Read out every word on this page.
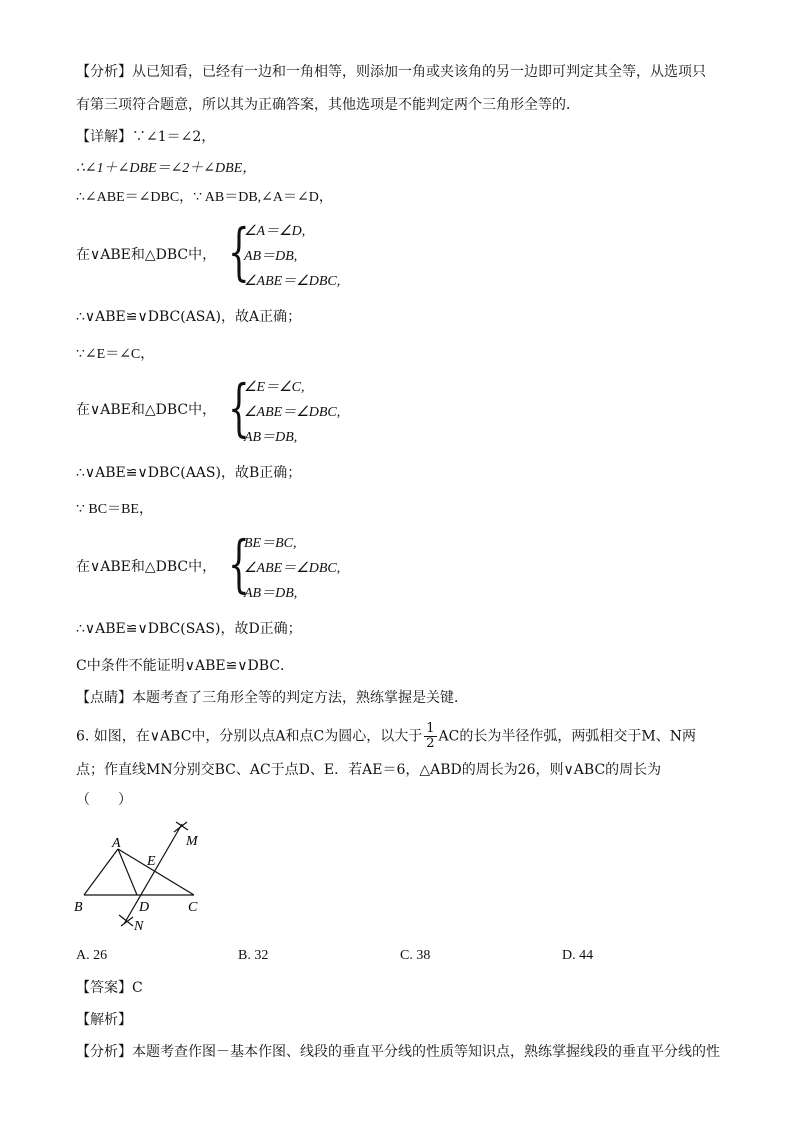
【分析】从已知看，已经有一边和一角相等，则添加一角或夹该角的另一边即可判定其全等，从选项只
有第三项符合题意，所以其为正确答案，其他选项是不能判定两个三角形全等的．
【详解】∵∠1＝∠2，
∴∠1＋∠DBE＝∠2＋∠DBE，
∴∠ABE＝∠DBC，∵ AB＝DB,∠A＝∠D，
在∨ABE和△DBC中， {
∠A＝∠D,
AB＝DB,
∠ABE＝∠DBC,
∴∨ABE≌∨DBC(ASA)，故A正确；
∵∠E＝∠C，
在∨ABE和△DBC中， {
∠E＝∠C,
∠ABE＝∠DBC,
AB＝DB,
∴∨ABE≌∨DBC(AAS)，故B正确；
∵ BC＝BE，
在∨ABE和△DBC中， {
BE＝BC,
∠ABE＝∠DBC,
AB＝DB,
∴∨ABE≌∨DBC(SAS)，故D正确；
C中条件不能证明∨ABE≌∨DBC．
【点睛】本题考查了三角形全等的判定方法，熟练掌握是关键．
6. 如图，在∨ABC中，分别以点A和点C为圆心，以大于 $\frac{1}{2}$ AC的长为半径作弧，两弧相交于M、N两
点；作直线MN分别交BC、AC于点D、E．若AE＝6，△ABD的周长为26，则∨ABC的周长为
（　　）
A
E
M
B	D	C
N
A. 26	B. 32	C. 38	D. 44
【答案】C
【解析】
【分析】本题考查作图－基本作图、线段的垂直平分线的性质等知识点，熟练掌握线段的垂直平分线的性
